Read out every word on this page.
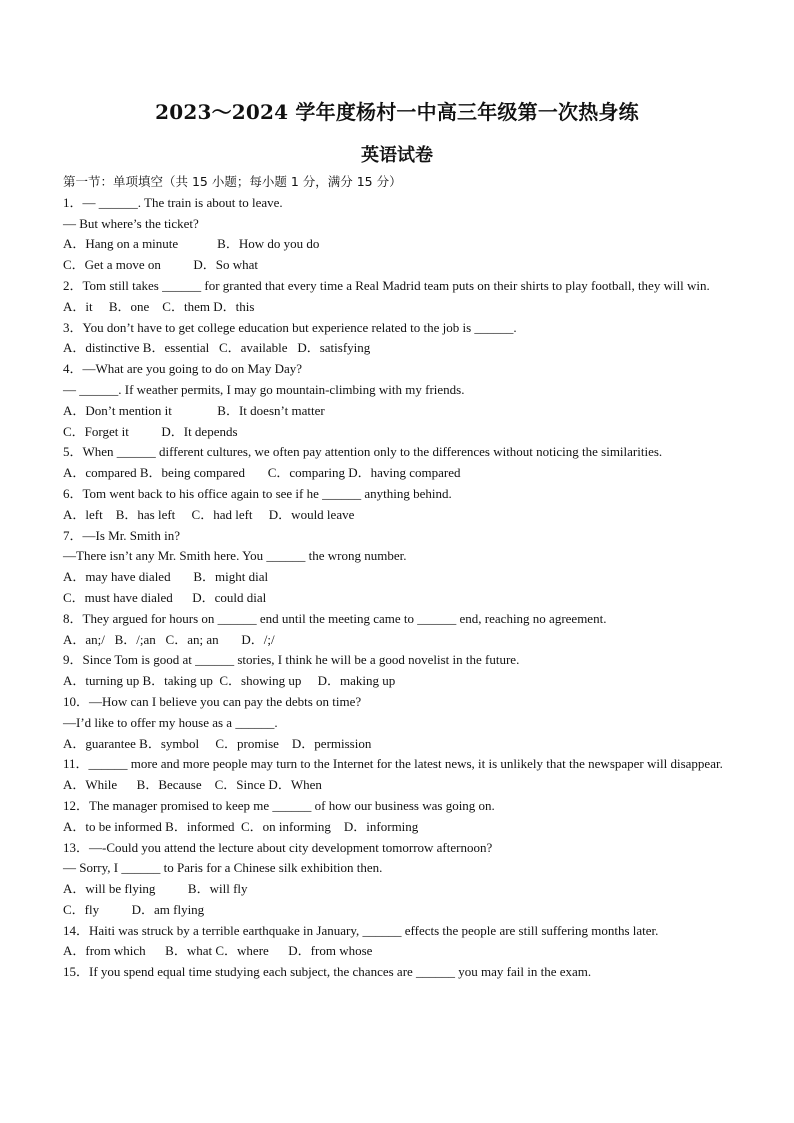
2023～2024 学年度杨村一中高三年级第一次热身练
英语试卷
第一节：单项填空（共 15 小题；每小题 1 分，满分 15 分）
1．— ______. The train is about to leave.
— But where’s the ticket?
A．Hang on a minute            B．How do you do
C．Get a move on          D．So what
2．Tom still takes ______ for granted that every time a Real Madrid team puts on their shirts to play football, they will win.
A．it     B．one    C．them D．this
3．You don’t have to get college education but experience related to the job is ______.
A．distinctive B．essential   C．available   D．satisfying
4．—What are you going to do on May Day?
— ______. If weather permits, I may go mountain-climbing with my friends.
A．Don’t mention it              B．It doesn’t matter
C．Forget it          D．It depends
5．When ______ different cultures, we often pay attention only to the differences without noticing the similarities.
A．compared B．being compared       C．comparing D．having compared
6．Tom went back to his office again to see if he ______ anything behind.
A．left    B．has left     C．had left     D．would leave
7．—Is Mr. Smith in?
—There isn’t any Mr. Smith here. You ______ the wrong number.
A．may have dialed       B．might dial
C．must have dialed      D．could dial
8．They argued for hours on ______ end until the meeting came to ______ end, reaching no agreement.
A．an;/   B．/;an   C．an; an       D．/;/
9．Since Tom is good at ______ stories, I think he will be a good novelist in the future.
A．turning up B．taking up  C．showing up     D．making up
10．—How can I believe you can pay the debts on time?
—I’d like to offer my house as a ______.
A．guarantee B．symbol     C．promise    D．permission
11．______ more and more people may turn to the Internet for the latest news, it is unlikely that the newspaper will disappear.
A．While      B．Because    C．Since D．When
12．The manager promised to keep me ______ of how our business was going on.
A．to be informed B．informed  C．on informing    D．informing
13．—-Could you attend the lecture about city development tomorrow afternoon?
— Sorry, I ______ to Paris for a Chinese silk exhibition then.
A．will be flying          B．will fly
C．fly          D．am flying
14．Haiti was struck by a terrible earthquake in January, ______ effects the people are still suffering months later.
A．from which      B．what C．where      D．from whose
15．If you spend equal time studying each subject, the chances are ______ you may fail in the exam.
